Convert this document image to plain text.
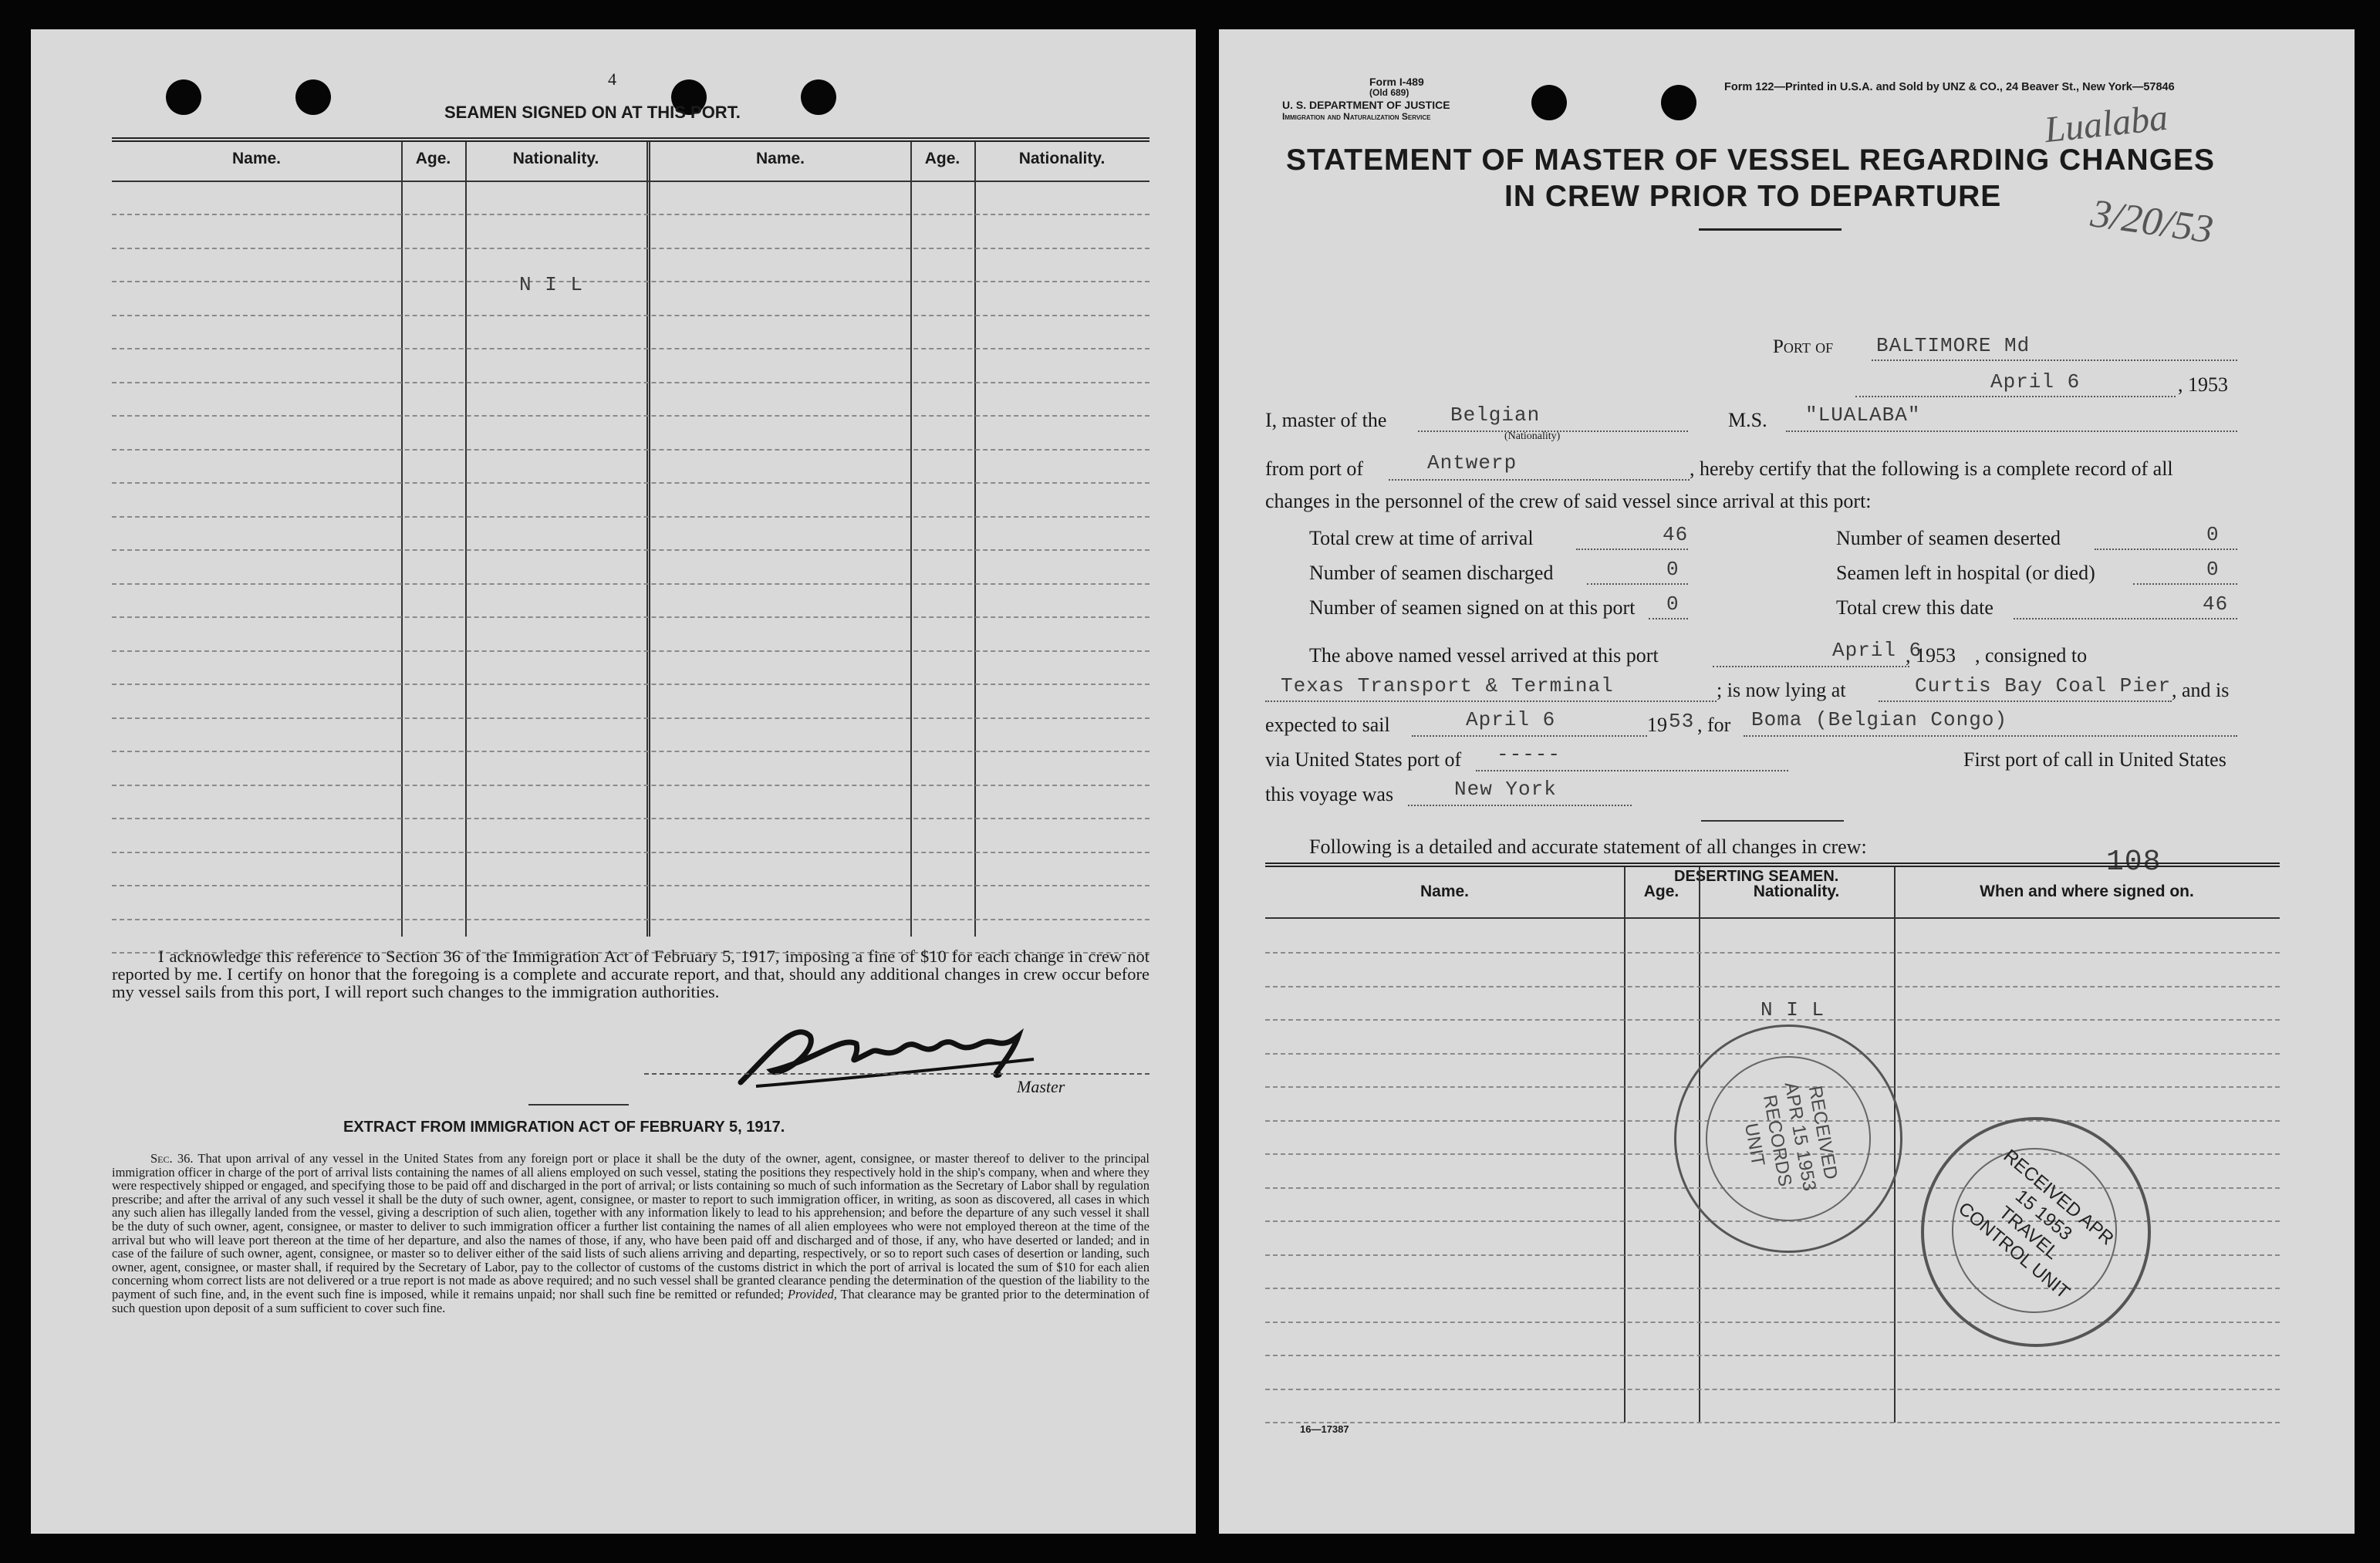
4
SEAMEN SIGNED ON AT THIS PORT.
Name.	Age.	Nationality.	Name.	Age.	Nationality.
N I L
I acknowledge this reference to Section 36 of the Immigration Act of February 5, 1917, imposing a fine of $10 for each change in crew not reported by me. I certify on honor that the foregoing is a complete and accurate report, and that, should any additional changes in crew occur before my vessel sails from this port, I will report such changes to the immigration authorities.
Master
EXTRACT FROM IMMIGRATION ACT OF FEBRUARY 5, 1917.
Sec. 36. That upon arrival of any vessel in the United States from any foreign port or place it shall be the duty of the owner, agent, consignee, or master thereof to deliver to the principal immigration officer in charge of the port of arrival lists containing the names of all aliens employed on such vessel, stating the positions they respectively hold in the ship's company, when and where they were respectively shipped or engaged, and specifying those to be paid off and discharged in the port of arrival; or lists containing so much of such information as the Secretary of Labor shall by regulation prescribe; and after the arrival of any such vessel it shall be the duty of such owner, agent, consignee, or master to report to such immigration officer, in writing, as soon as discovered, all cases in which any such alien has illegally landed from the vessel, giving a description of such alien, together with any information likely to lead to his apprehension; and before the departure of any such vessel it shall be the duty of such owner, agent, consignee, or master to deliver to such immigration officer a further list containing the names of all alien employees who were not employed thereon at the time of the arrival but who will leave port thereon at the time of her departure, and also the names of those, if any, who have been paid off and discharged and of those, if any, who have deserted or landed; and in case of the failure of such owner, agent, consignee, or master so to deliver either of the said lists of such aliens arriving and departing, respectively, or so to report such cases of desertion or landing, such owner, agent, consignee, or master shall, if required by the Secretary of Labor, pay to the collector of customs of the customs district in which the port of arrival is located the sum of $10 for each alien concerning whom correct lists are not delivered or a true report is not made as above required; and no such vessel shall be granted clearance pending the determination of the question of the liability to the payment of such fine, and, in the event such fine is imposed, while it remains unpaid; nor shall such fine be remitted or refunded; Provided, That clearance may be granted prior to the determination of such question upon deposit of a sum sufficient to cover such fine.
Form I-489
(Old 689)
U. S. DEPARTMENT OF JUSTICE
Immigration and Naturalization Service
Form 122—Printed in U.S.A. and Sold by UNZ & CO., 24 Beaver St., New York—57846
Lualaba
3/20/53
STATEMENT OF MASTER OF VESSEL REGARDING CHANGES
IN CREW PRIOR TO DEPARTURE
Port of BALTIMORE Md
April 6	, 1953
I, master of the	Belgian
(Nationality)
M.S. "LUALABA"
from port of	Antwerp	, hereby certify that the following is a complete record of all
changes in the personnel of the crew of said vessel since arrival at this port:
Total crew at time of arrival	46
Number of seamen discharged	0
Number of seamen signed on at this port 0
Number of seamen deserted	0
Seamen left in hospital (or died)	0
Total crew this date	46
The above named vessel arrived at this port	April 6
, 1953 , consigned to
Texas Transport & Terminal	; is now lying at	Curtis Bay Coal Pier , and is
expected to sail	April 6	19 53 , for Boma (Belgian Congo)
via United States port of -----	First port of call in United States
this voyage was	New York
Following is a detailed and accurate statement of all changes in crew:
DESERTING SEAMEN.	108
Name.	Age.	Nationality.	When and where signed on.
N I L
RECEIVED APR 15 1953 RECORDS UNIT
RECEIVED APR 15 1953 TRAVEL CONTROL UNIT
16—17387
